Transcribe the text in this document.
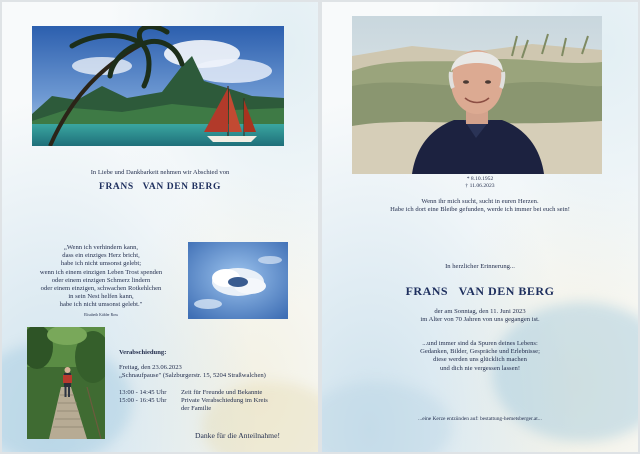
In Liebe und Dankbarkeit nehmen wir Abschied von
FRANS VAN DEN BERG
„Wenn ich verhindern kann,
dass ein einziges Herz bricht,
habe ich nicht umsonst gelebt;
wenn ich einem einzigen Leben Trost spenden
oder einem einzigen Schmerz lindern
oder einem einzigen, schwachen Rotkehlchen
in sein Nest helfen kann,
habe ich nicht umsonst gelebt."
Elisabeth Kübler Ross
Verabschiedung:
Freitag, den 23.06.2023
„Schnaufpause" (Salzburgerstr. 15, 5204 Straßwalchen)
13:00 - 14:45 Uhr	Zeit für Freunde und Bekannte
15:00 - 16:45 Uhr	Private Verabschiedung im Kreis
der Familie
Danke für die Anteilnahme!
* 8.10.1952
† 11.06.2023
Wenn ihr mich sucht, sucht in euren Herzen.
Habe ich dort eine Bleibe gefunden, werde ich immer bei euch sein!
In herzlicher Erinnerung...
FRANS VAN DEN BERG
der am Sonntag, den 11. Juni 2023
im Alter von 70 Jahren von uns gegangen ist.
...und immer sind da Spuren deines Lebens:
Gedanken, Bilder, Gespräche und Erlebnisse;
diese werden uns glücklich machen
und dich nie vergessen lassen!
...eine Kerze entzünden auf: bestattung-hemetsberger.at...
